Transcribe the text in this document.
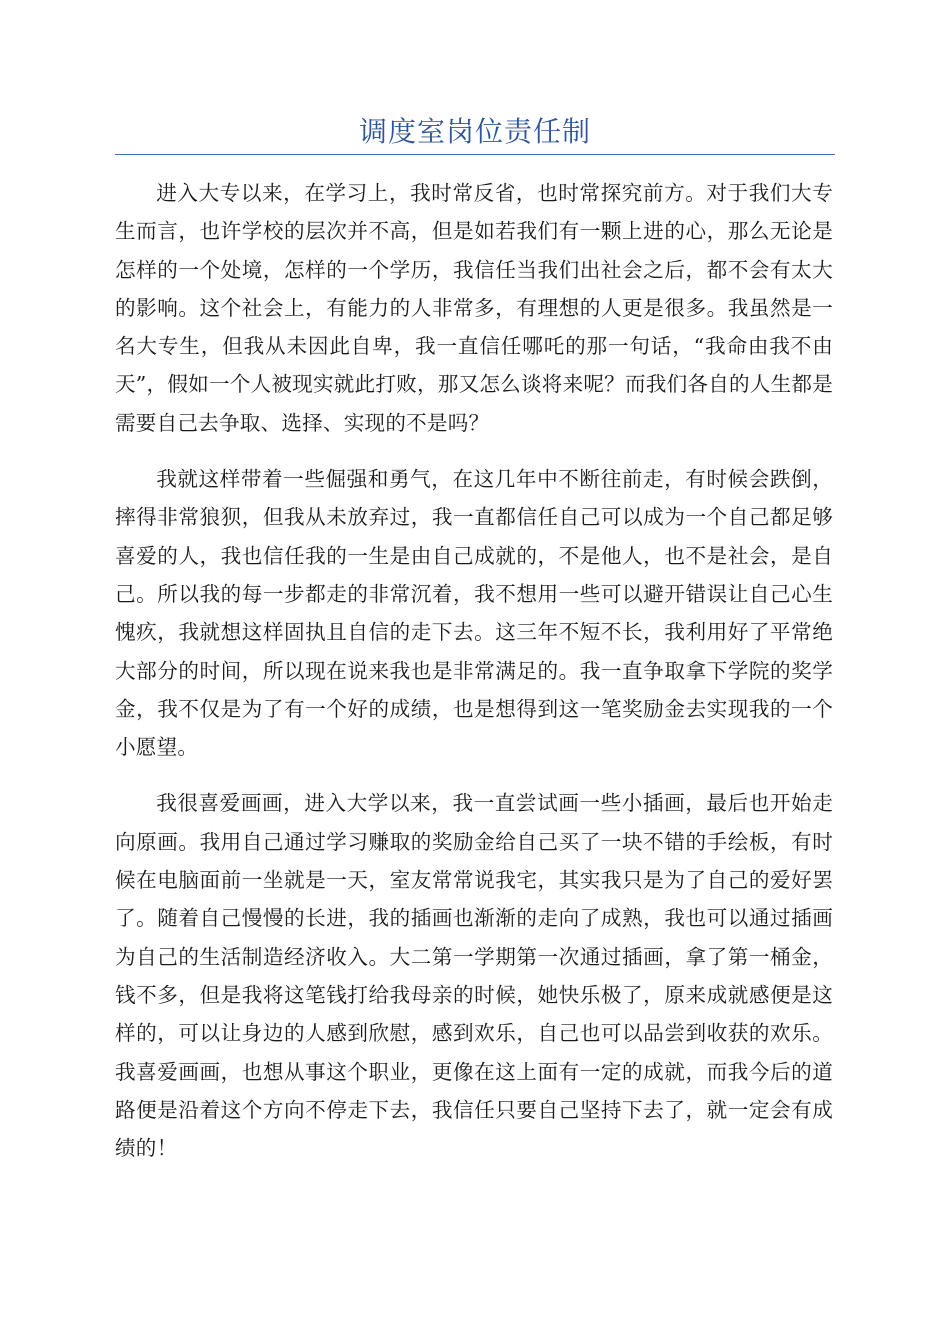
调度室岗位责任制

进入大专以来，在学习上，我时常反省，也时常探究前方。对于我们大专生而言，也许学校的层次并不高，但是如若我们有一颗上进的心，那么无论是怎样的一个处境，怎样的一个学历，我信任当我们出社会之后，都不会有太大的影响。这个社会上，有能力的人非常多，有理想的人更是很多。我虽然是一名大专生，但我从未因此自卑，我一直信任哪吒的那一句话，“我命由我不由天”，假如一个人被现实就此打败，那又怎么谈将来呢？而我们各自的人生都是需要自己去争取、选择、实现的不是吗？

我就这样带着一些倔强和勇气，在这几年中不断往前走，有时候会跌倒，摔得非常狼狈，但我从未放弃过，我一直都信任自己可以成为一个自己都足够喜爱的人，我也信任我的一生是由自己成就的，不是他人，也不是社会，是自己。所以我的每一步都走的非常沉着，我不想用一些可以避开错误让自己心生愧疚，我就想这样固执且自信的走下去。这三年不短不长，我利用好了平常绝大部分的时间，所以现在说来我也是非常满足的。我一直争取拿下学院的奖学金，我不仅是为了有一个好的成绩，也是想得到这一笔奖励金去实现我的一个小愿望。

我很喜爱画画，进入大学以来，我一直尝试画一些小插画，最后也开始走向原画。我用自己通过学习赚取的奖励金给自己买了一块不错的手绘板，有时候在电脑面前一坐就是一天，室友常常说我宅，其实我只是为了自己的爱好罢了。随着自己慢慢的长进，我的插画也渐渐的走向了成熟，我也可以通过插画为自己的生活制造经济收入。大二第一学期第一次通过插画，拿了第一桶金，钱不多，但是我将这笔钱打给我母亲的时候，她快乐极了，原来成就感便是这样的，可以让身边的人感到欣慰，感到欢乐，自己也可以品尝到收获的欢乐。我喜爱画画，也想从事这个职业，更像在这上面有一定的成就，而我今后的道路便是沿着这个方向不停走下去，我信任只要自己坚持下去了，就一定会有成绩的！
